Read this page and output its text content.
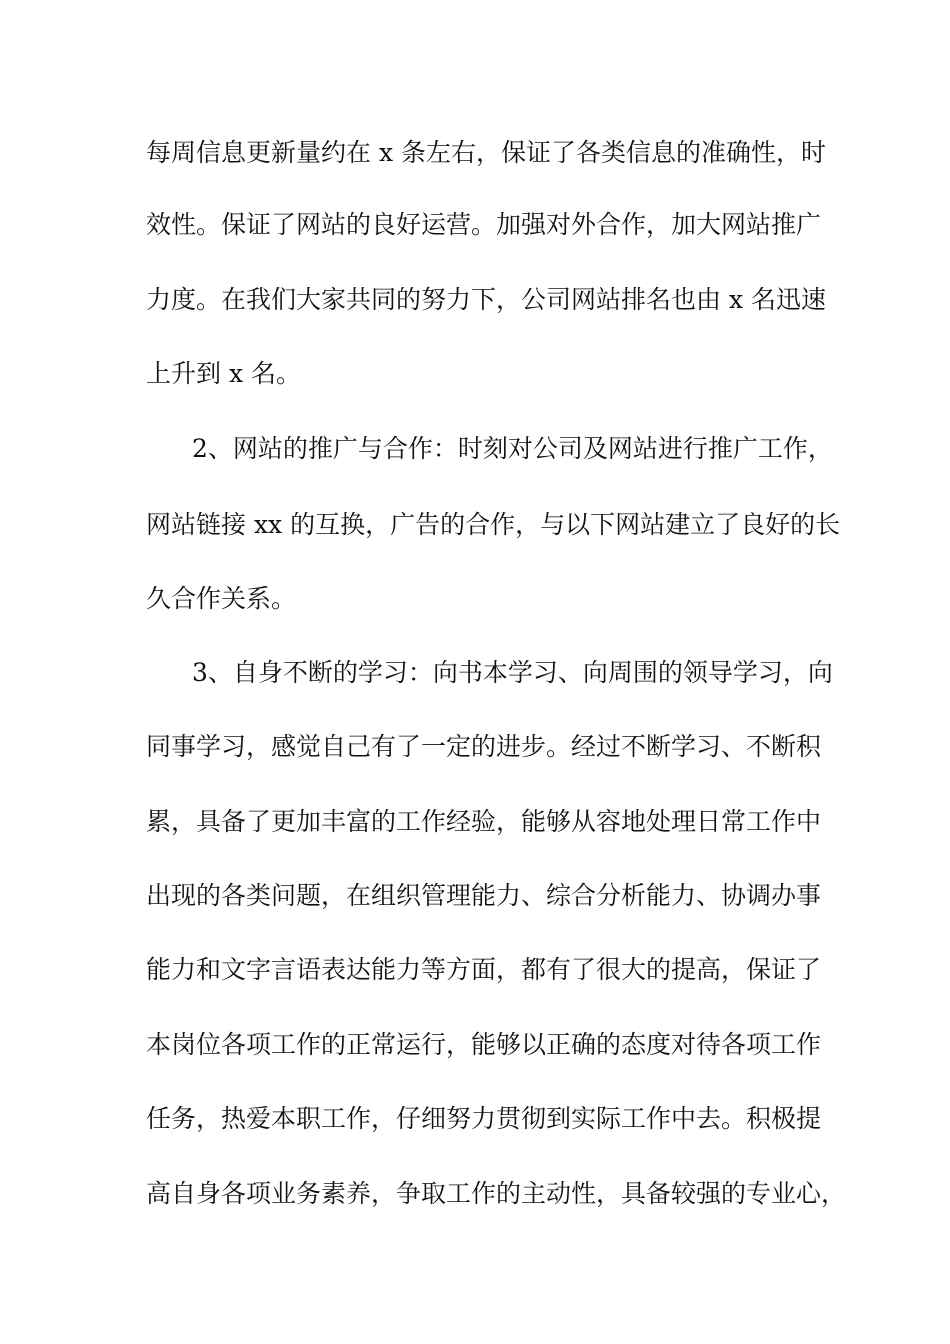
每周信息更新量约在 x 条左右，保证了各类信息的准确性，时
效性。保证了网站的良好运营。加强对外合作，加大网站推广
力度。在我们大家共同的努力下，公司网站排名也由 x 名迅速
上升到 x 名。
2、网站的推广与合作：时刻对公司及网站进行推广工作，
网站链接 xx 的互换，广告的合作，与以下网站建立了良好的长
久合作关系。
3、自身不断的学习：向书本学习、向周围的领导学习，向
同事学习，感觉自己有了一定的进步。经过不断学习、不断积
累，具备了更加丰富的工作经验，能够从容地处理日常工作中
出现的各类问题，在组织管理能力、综合分析能力、协调办事
能力和文字言语表达能力等方面，都有了很大的提高，保证了
本岗位各项工作的正常运行，能够以正确的态度对待各项工作
任务，热爱本职工作，仔细努力贯彻到实际工作中去。积极提
高自身各项业务素养，争取工作的主动性，具备较强的专业心，
